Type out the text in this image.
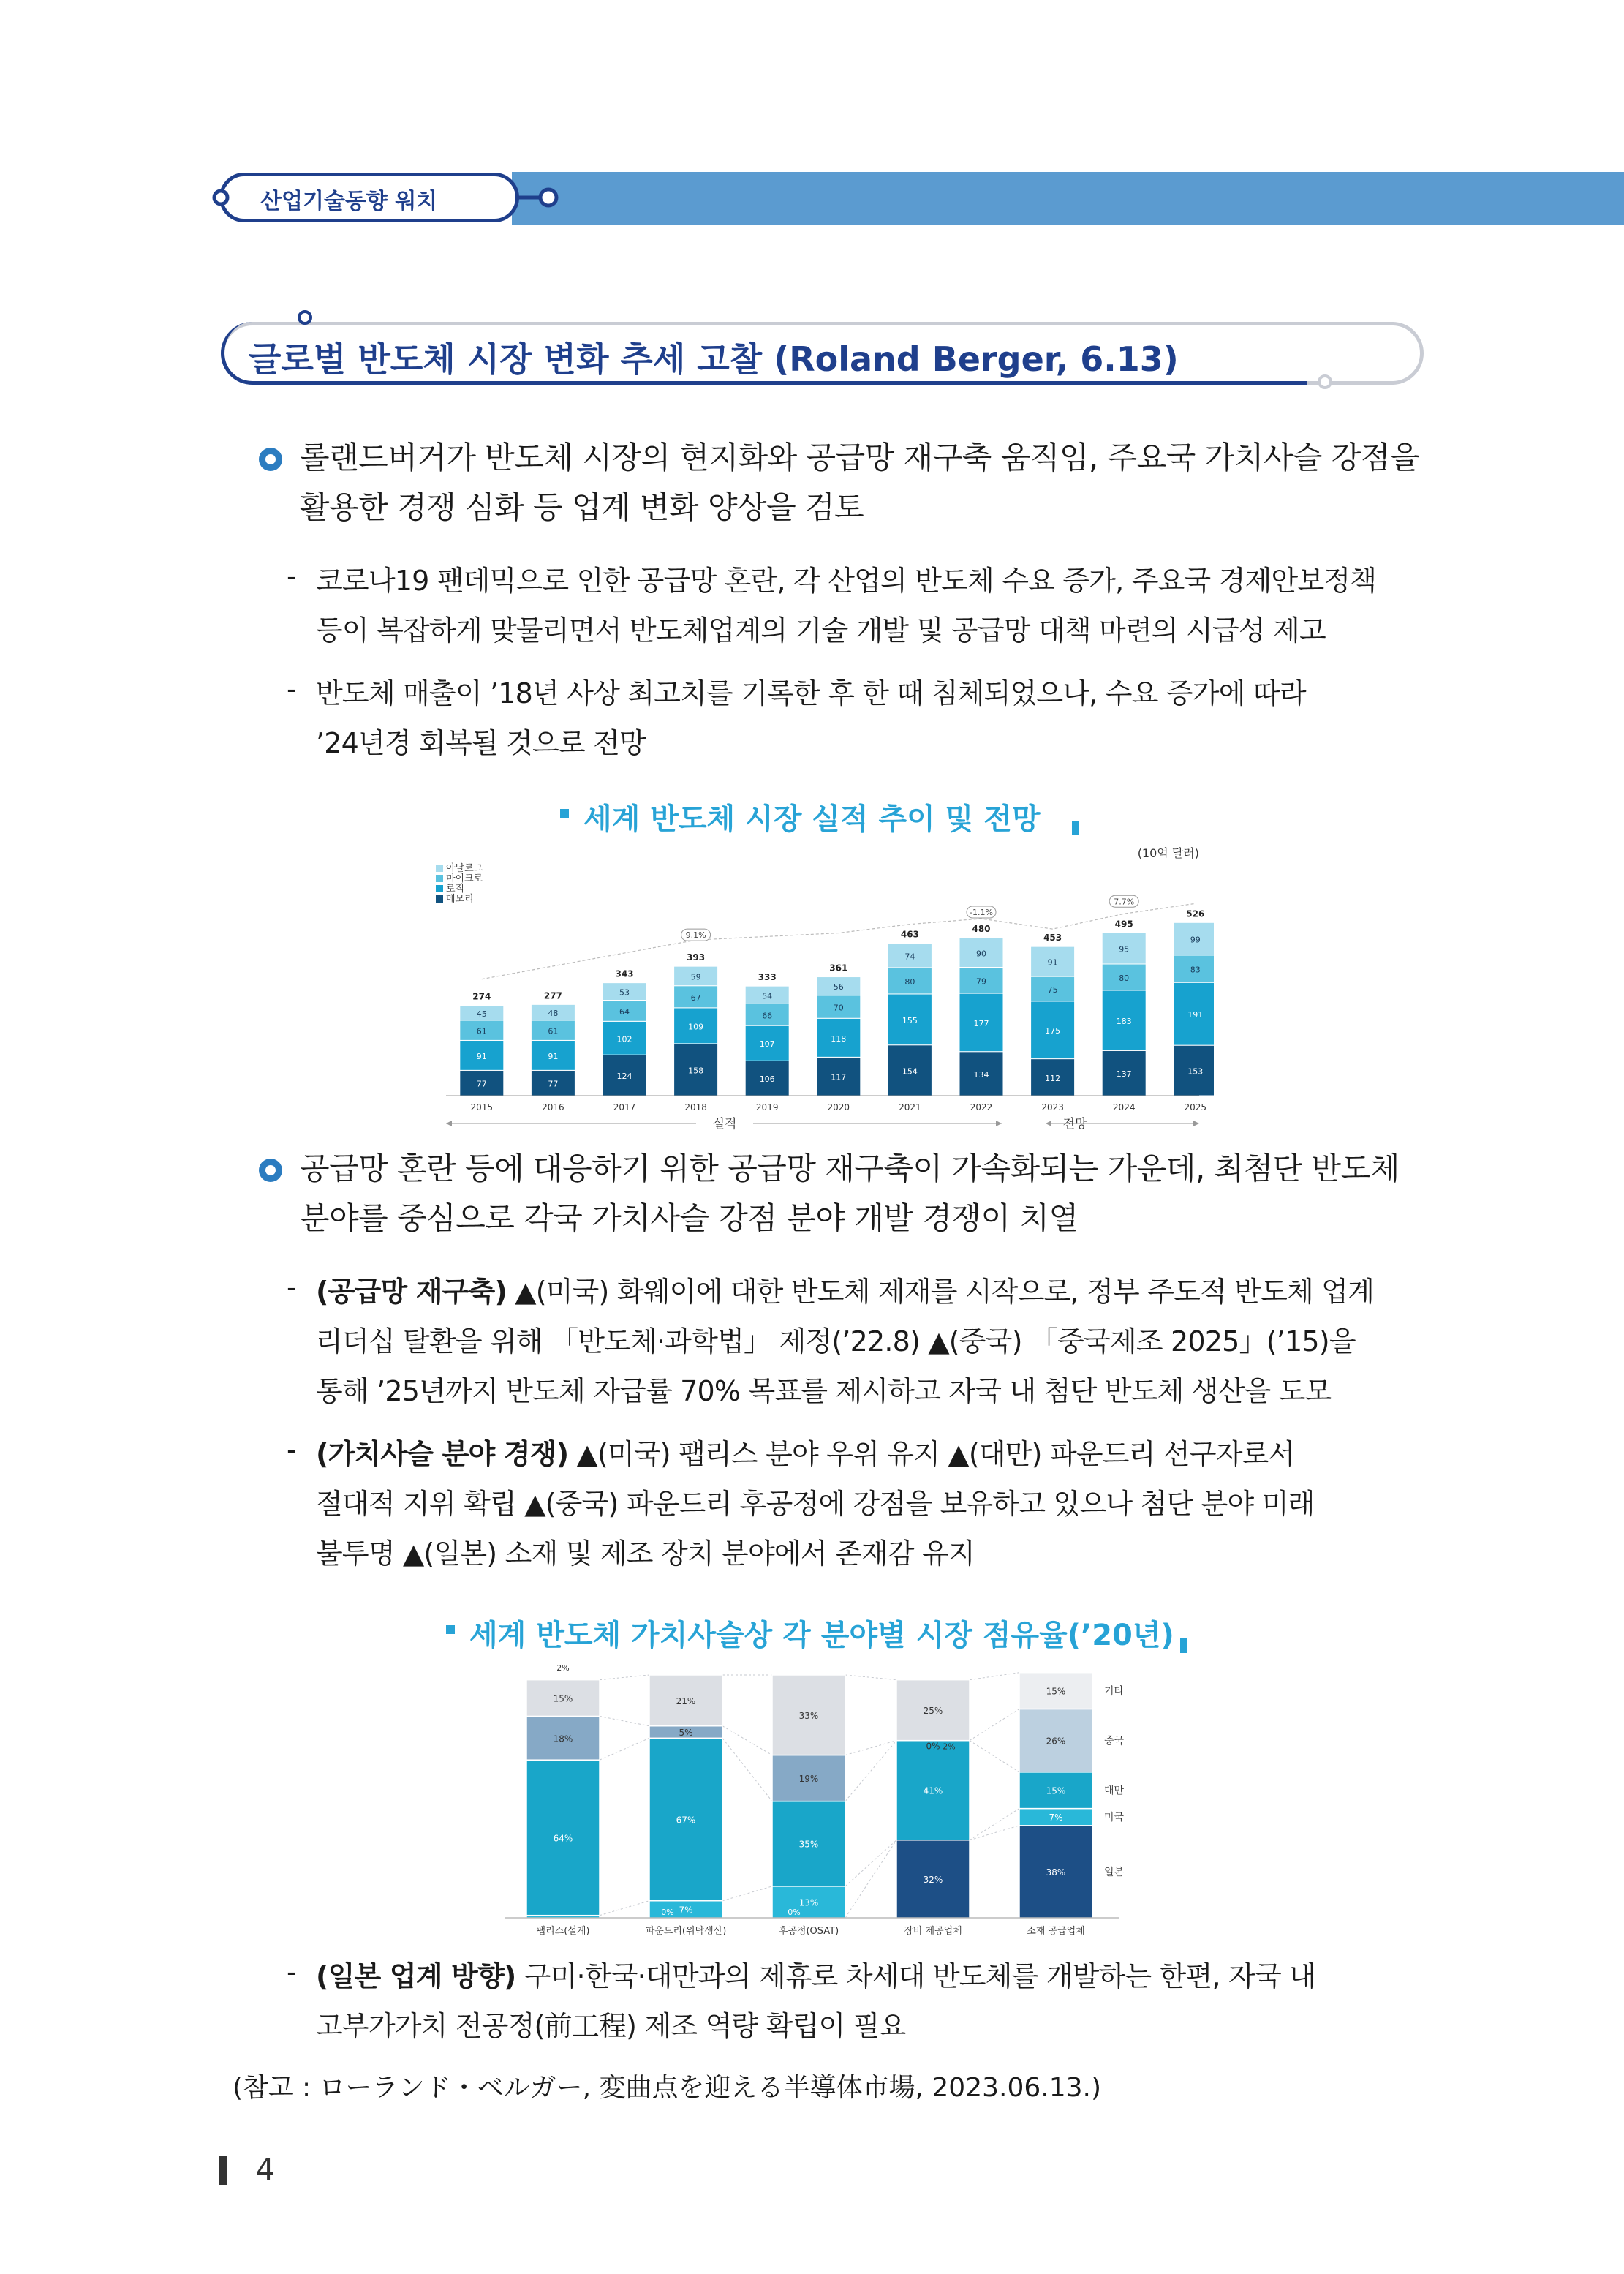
산업기술동향 워치
글로벌 반도체 시장 변화 추세 고찰 (Roland Berger, 6.13)
롤랜드버거가 반도체 시장의 현지화와 공급망 재구축 움직임, 주요국 가치사슬 강점을
활용한 경쟁 심화 등 업계 변화 양상을 검토
- 코로나19 팬데믹으로 인한 공급망 혼란, 각 산업의 반도체 수요 증가, 주요국 경제안보정책
등이 복잡하게 맞물리면서 반도체업계의 기술 개발 및 공급망 대책 마련의 시급성 제고
- 반도체 매출이 ’18년 사상 최고치를 기록한 후 한 때 침체되었으나, 수요 증가에 따라
’24년경 회복될 것으로 전망
세계 반도체 시장 실적 추이 및 전망
(10억 달러)
아날로그
마이크로
로직
메모리
77
91
61
45
274
77
91
61
48
277
124
102
64
53
343
158
109
67
59
393
106
107
66
54
333
117
118
70
56
361
154
155
80
74
463
134
177
79
90
480
112
175
75
91
453
137
183
80
95
495
153
191
83
99
526
9.1%
-1.1%
7.7%
2015	2016	2017	2018	2019	2020	2021	2022	2023	2024	2025
실적	전망
공급망 혼란 등에 대응하기 위한 공급망 재구축이 가속화되는 가운데, 최첨단 반도체
분야를 중심으로 각국 가치사슬 강점 분야 개발 경쟁이 치열
- (공급망 재구축) ▲(미국) 화웨이에 대한 반도체 제재를 시작으로, 정부 주도적 반도체 업계
리더십 탈환을 위해 「반도체·과학법」 제정(’22.8) ▲(중국) 「중국제조 2025」(’15)을
통해 ’25년까지 반도체 자급률 70% 목표를 제시하고 자국 내 첨단 반도체 생산을 도모
- (가치사슬 분야 경쟁) ▲(미국) 팹리스 분야 우위 유지 ▲(대만) 파운드리 선구자로서
절대적 지위 확립 ▲(중국) 파운드리 후공정에 강점을 보유하고 있으나 첨단 분야 미래
불투명 ▲(일본) 소재 및 제조 장치 분야에서 존재감 유지
세계 반도체 가치사슬상 각 분야별 시장 점유율(’20년)
1%
64%
18%
15%
7%
67%
5%
21%
13%
35%
19%
33%
32%
41%
0%
25%
38%
7%
15%
26%
15%
2%
0%	0%
2%
팹리스(설계)	파운드리(위탁생산)	후공정(OSAT)	장비 제공업체	소재 공급업체
기타
중국
대만
미국
일본
- (일본 업계 방향) 구미·한국·대만과의 제휴로 차세대 반도체를 개발하는 한편, 자국 내
고부가가치 전공정(前工程) 제조 역량 확립이 필요
(참고 : ローランド・ベルガー, 変曲点を迎える半導体市場, 2023.06.13.)
4
